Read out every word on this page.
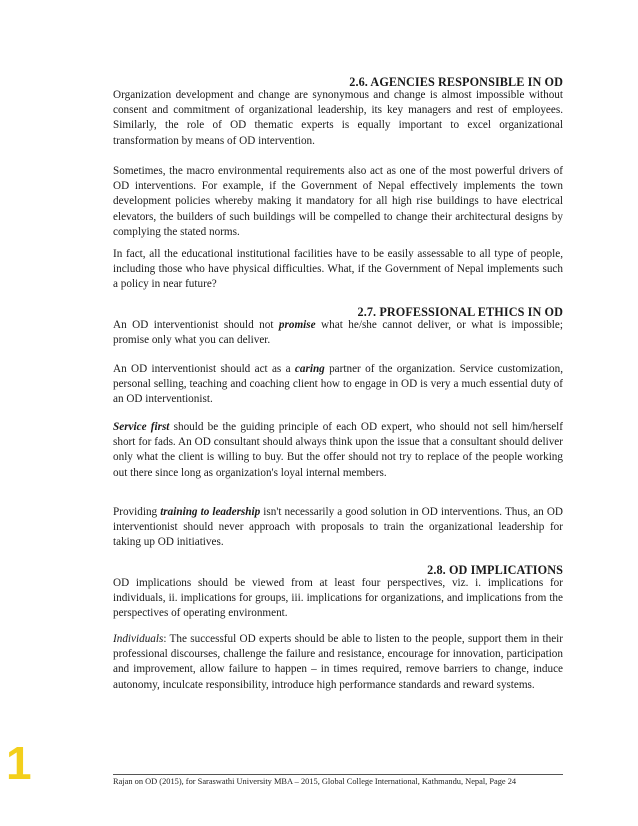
2.6. AGENCIES RESPONSIBLE IN OD

Organization development and change are synonymous and change is almost impossible without consent and commitment of organizational leadership, its key managers and rest of employees. Similarly, the role of OD thematic experts is equally important to excel organizational transformation by means of OD intervention.

Sometimes, the macro environmental requirements also act as one of the most powerful drivers of OD interventions. For example, if the Government of Nepal effectively implements the town development policies whereby making it mandatory for all high rise buildings to have electrical elevators, the builders of such buildings will be compelled to change their architectural designs by complying the stated norms.

In fact, all the educational institutional facilities have to be easily assessable to all type of people, including those who have physical difficulties. What, if the Government of Nepal implements such a policy in near future?

2.7. PROFESSIONAL ETHICS IN OD

An OD interventionist should not promise what he/she cannot deliver, or what is impossible; promise only what you can deliver.

An OD interventionist should act as a caring partner of the organization. Service customization, personal selling, teaching and coaching client how to engage in OD is very a much essential duty of an OD interventionist.

Service first should be the guiding principle of each OD expert, who should not sell him/herself short for fads. An OD consultant should always think upon the issue that a consultant should deliver only what the client is willing to buy. But the offer should not try to replace of the people working out there since long as organization's loyal internal members.

Providing training to leadership isn't necessarily a good solution in OD interventions. Thus, an OD interventionist should never approach with proposals to train the organizational leadership for taking up OD initiatives.

2.8. OD IMPLICATIONS

OD implications should be viewed from at least four perspectives, viz. i. implications for individuals, ii. implications for groups, iii. implications for organizations, and implications from the perspectives of operating environment.

Individuals: The successful OD experts should be able to listen to the people, support them in their professional discourses, challenge the failure and resistance, encourage for innovation, participation and improvement, allow failure to happen – in times required, remove barriers to change, induce autonomy, inculcate responsibility, introduce high performance standards and reward systems.

Rajan on OD (2015), for Saraswathi University MBA – 2015, Global College International, Kathmandu, Nepal, Page 24
1
